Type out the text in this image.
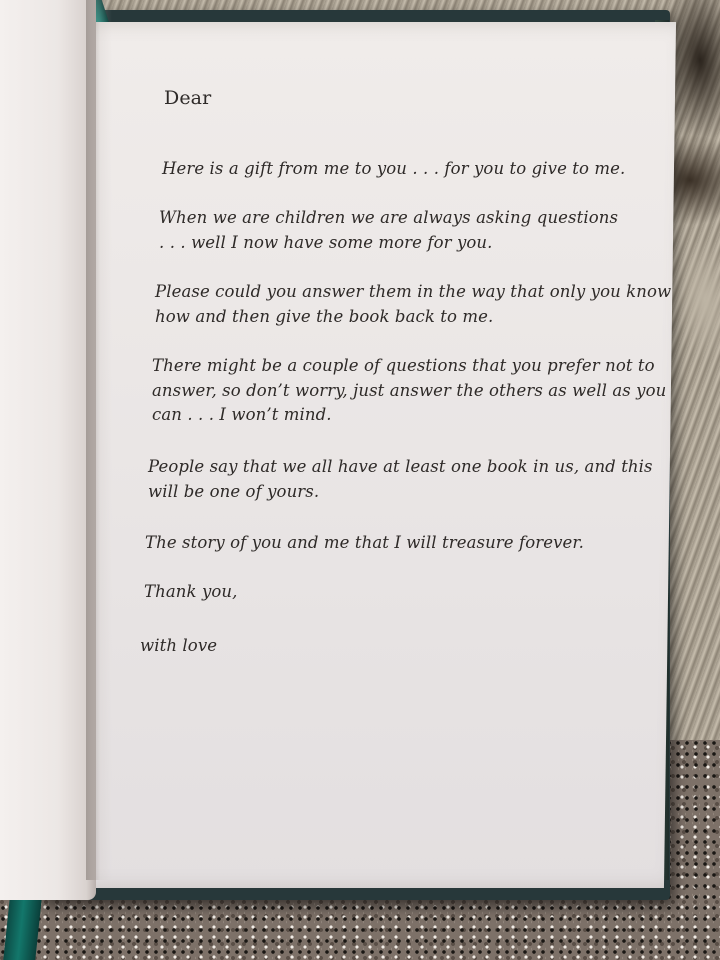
Dear
Here is a gift from me to you . . . for you to give to me.
When we are children we are always asking questions
. . . well I now have some more for you.
Please could you answer them in the way that only you know
how and then give the book back to me.
There might be a couple of questions that you prefer not to
answer, so don’t worry, just answer the others as well as you
can . . . I won’t mind.
People say that we all have at least one book in us, and this
will be one of yours.
The story of you and me that I will treasure forever.
Thank you,
with love
